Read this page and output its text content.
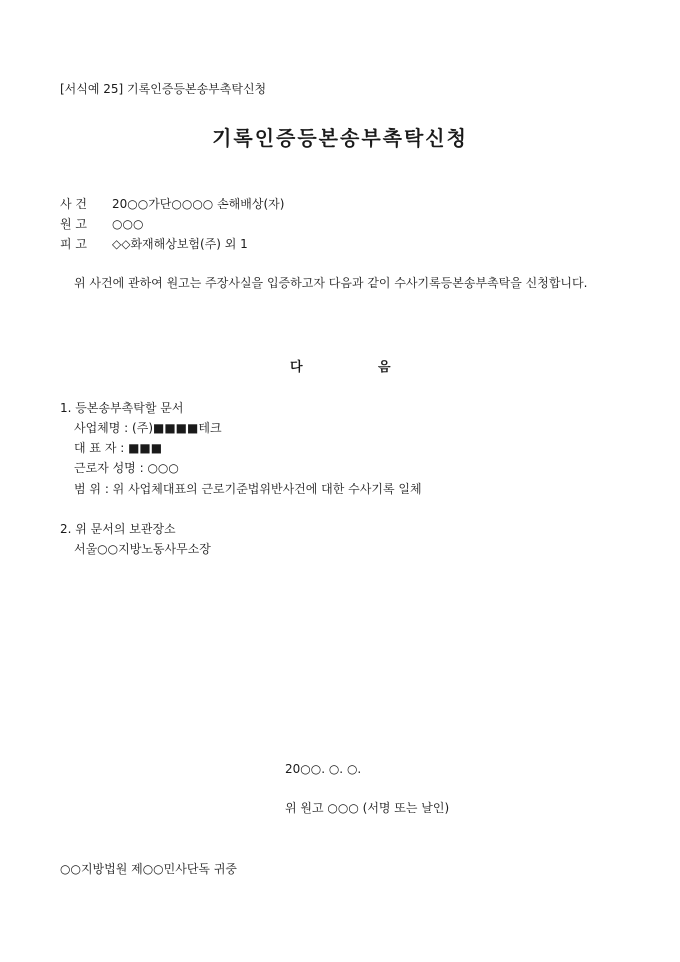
[서식예 25] 기록인증등본송부촉탁신청
기록인증등본송부촉탁신청
사 건 20○○가단○○○○ 손해배상(자)
원 고 ○○○
피 고 ◇◇화재해상보험(주) 외 1
위 사건에 관하여 원고는 주장사실을 입증하고자 다음과 같이 수사기록등본송부촉탁을 신청합니다.
다	음
1. 등본송부촉탁할 문서
사업체명 : (주)■■■■테크
대 표 자 : ■■■
근로자 성명 : ○○○
범 위 : 위 사업체대표의 근로기준법위반사건에 대한 수사기록 일체
2. 위 문서의 보관장소
서울○○지방노동사무소장
20○○. ○. ○.
위 원고 ○○○ (서명 또는 날인)
○○지방법원 제○○민사단독 귀중
